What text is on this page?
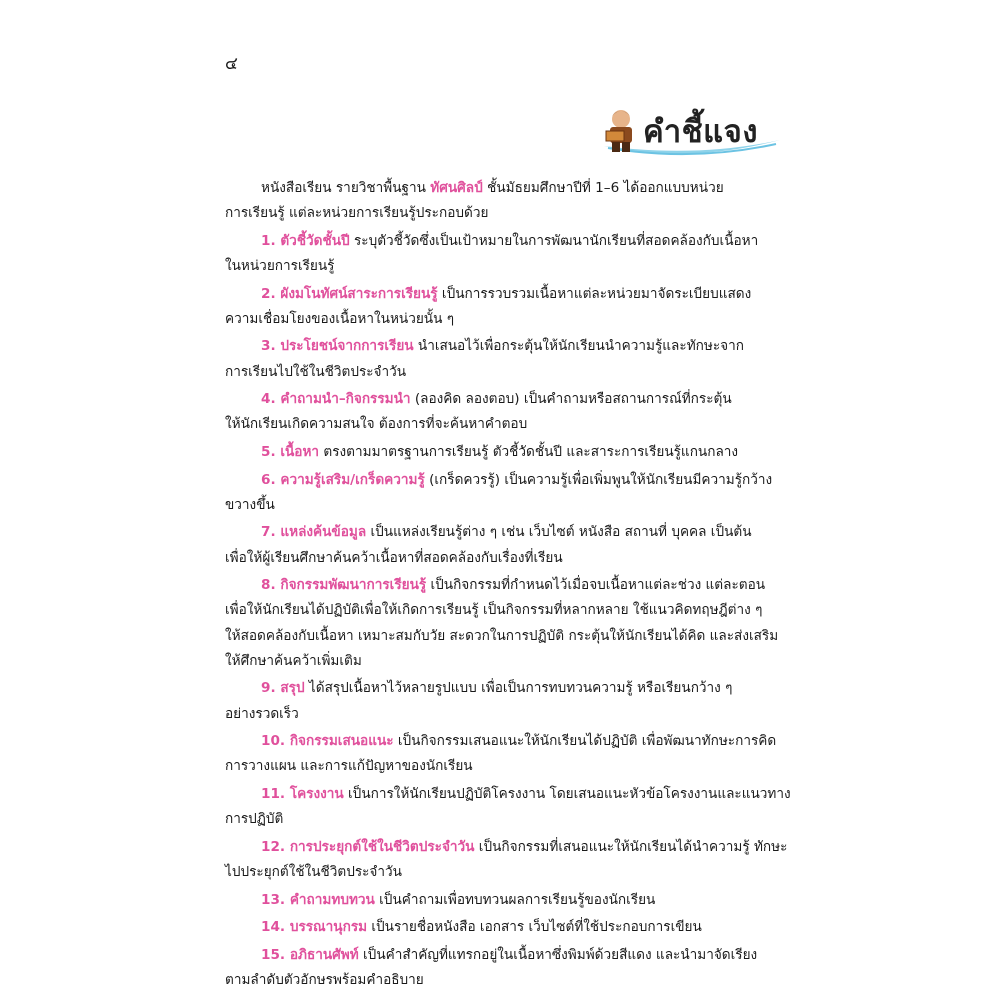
๔
คำชี้แจง

หนังสือเรียน รายวิชาพื้นฐาน ทัศนศิลป์ ชั้นมัธยมศึกษาปีที่ 1–6 ได้ออกแบบหน่วย

การเรียนรู้ แต่ละหน่วยการเรียนรู้ประกอบด้วย

1. ตัวชี้วัดชั้นปี ระบุตัวชี้วัดซึ่งเป็นเป้าหมายในการพัฒนานักเรียนที่สอดคล้องกับเนื้อหา

ในหน่วยการเรียนรู้

2. ผังมโนทัศน์สาระการเรียนรู้ เป็นการรวบรวมเนื้อหาแต่ละหน่วยมาจัดระเบียบแสดง

ความเชื่อมโยงของเนื้อหาในหน่วยนั้น ๆ

3. ประโยชน์จากการเรียน นำเสนอไว้เพื่อกระตุ้นให้นักเรียนนำความรู้และทักษะจาก

การเรียนไปใช้ในชีวิตประจำวัน

4. คำถามนำ–กิจกรรมนำ (ลองคิด ลองตอบ) เป็นคำถามหรือสถานการณ์ที่กระตุ้น

ให้นักเรียนเกิดความสนใจ ต้องการที่จะค้นหาคำตอบ

5. เนื้อหา ตรงตามมาตรฐานการเรียนรู้ ตัวชี้วัดชั้นปี และสาระการเรียนรู้แกนกลาง

6. ความรู้เสริม/เกร็ดความรู้ (เกร็ดควรรู้) เป็นความรู้เพื่อเพิ่มพูนให้นักเรียนมีความรู้กว้าง

ขวางขึ้น

7. แหล่งค้นข้อมูล เป็นแหล่งเรียนรู้ต่าง ๆ เช่น เว็บไซต์ หนังสือ สถานที่ บุคคล เป็นต้น

เพื่อให้ผู้เรียนศึกษาค้นคว้าเนื้อหาที่สอดคล้องกับเรื่องที่เรียน

8. กิจกรรมพัฒนาการเรียนรู้ เป็นกิจกรรมที่กำหนดไว้เมื่อจบเนื้อหาแต่ละช่วง แต่ละตอน

เพื่อให้นักเรียนได้ปฏิบัติเพื่อให้เกิดการเรียนรู้ เป็นกิจกรรมที่หลากหลาย ใช้แนวคิดทฤษฎีต่าง ๆ

ให้สอดคล้องกับเนื้อหา เหมาะสมกับวัย สะดวกในการปฏิบัติ กระตุ้นให้นักเรียนได้คิด และส่งเสริม

ให้ศึกษาค้นคว้าเพิ่มเติม

9. สรุป ได้สรุปเนื้อหาไว้หลายรูปแบบ เพื่อเป็นการทบทวนความรู้ หรือเรียนกว้าง ๆ

อย่างรวดเร็ว

10. กิจกรรมเสนอแนะ เป็นกิจกรรมเสนอแนะให้นักเรียนได้ปฏิบัติ เพื่อพัฒนาทักษะการคิด

การวางแผน และการแก้ปัญหาของนักเรียน

11. โครงงาน เป็นการให้นักเรียนปฏิบัติโครงงาน โดยเสนอแนะหัวข้อโครงงานและแนวทาง

การปฏิบัติ

12. การประยุกต์ใช้ในชีวิตประจำวัน เป็นกิจกรรมที่เสนอแนะให้นักเรียนได้นำความรู้ ทักษะ

ไปประยุกต์ใช้ในชีวิตประจำวัน

13. คำถามทบทวน เป็นคำถามเพื่อทบทวนผลการเรียนรู้ของนักเรียน

14. บรรณานุกรม เป็นรายชื่อหนังสือ เอกสาร เว็บไซต์ที่ใช้ประกอบการเขียน

15. อภิธานศัพท์ เป็นคำสำคัญที่แทรกอยู่ในเนื้อหาซึ่งพิมพ์ด้วยสีแดง และนำมาจัดเรียง

ตามลำดับตัวอักษรพร้อมคำอธิบาย
